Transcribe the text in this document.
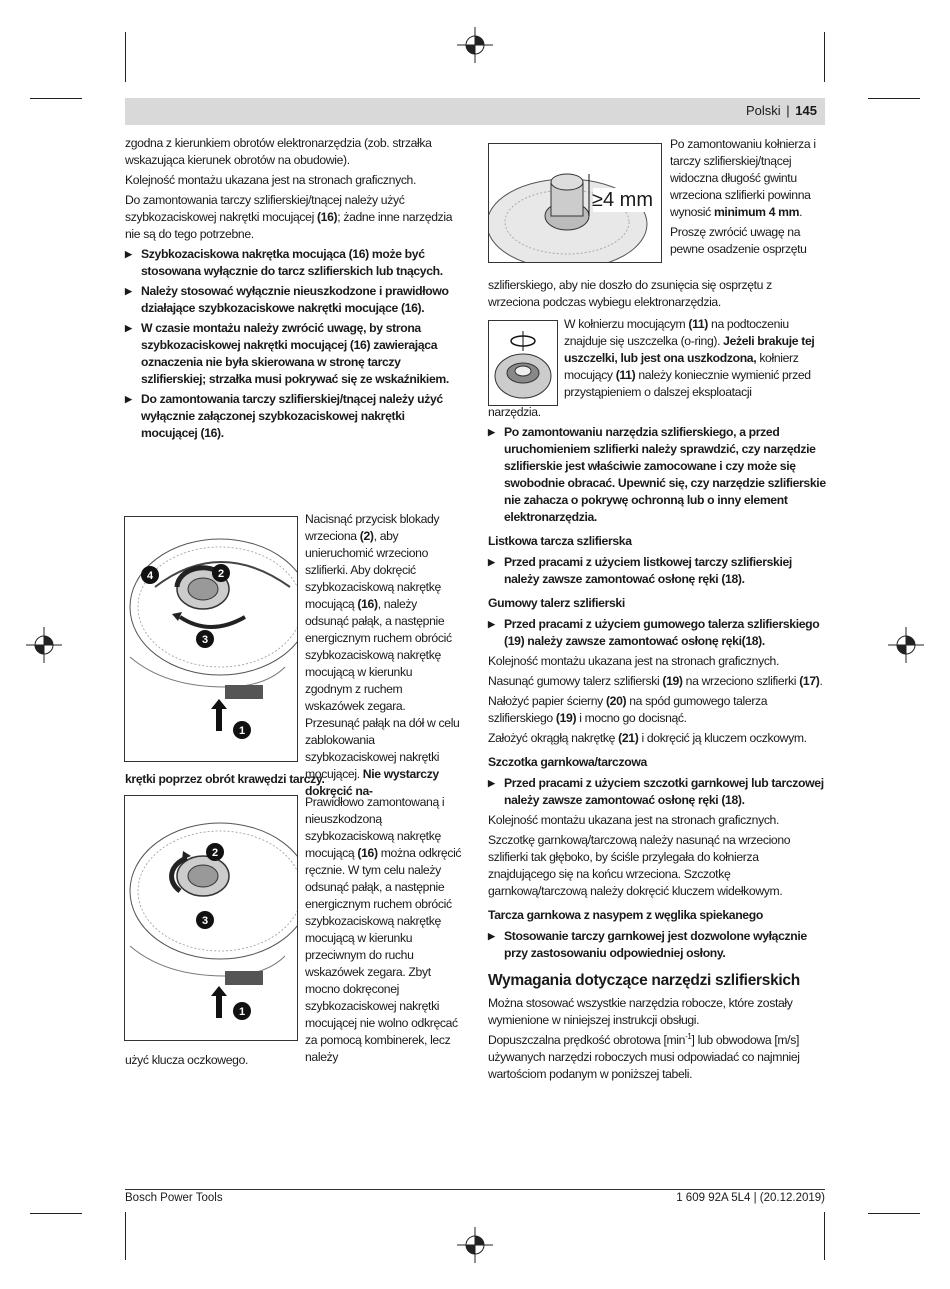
Polski | 145

zgodna z kierunkiem obrotów elektronarzędzia (zob. strzałka wskazująca kierunek obrotów na obudowie).

Kolejność montażu ukazana jest na stronach graficznych.

Do zamontowania tarczy szlifierskiej/tnącej należy użyć szybkozaciskowej nakrętki mocującej (16); żadne inne narzędzia nie są do tego potrzebne.

▶ Szybkozaciskowa nakrętka mocująca (16) może być stosowana wyłącznie do tarcz szlifierskich lub tnących.
▶ Należy stosować wyłącznie nieuszkodzone i prawidłowo działające szybkozaciskowe nakrętki mocujące (16).
▶ W czasie montażu należy zwrócić uwagę, by strona szybkozaciskowej nakrętki mocującej (16) zawierająca oznaczenia nie była skierowana w stronę tarczy szlifierskiej; strzałka musi pokrywać się ze wskaźnikiem.
▶ Do zamontowania tarczy szlifierskiej/tnącej należy użyć wyłącznie załączonej szybkozaciskowej nakrętki mocującej (16).
4	2
3
1
Nacisnąć przycisk blokady wrzeciona (2), aby unieruchomić wrzeciono szlifierki. Aby dokręcić szybkozaciskową nakrętkę mocującą (16), należy odsunąć pałąk, a następnie energicznym ruchem obrócić szybkozaciskową nakrętkę mocującą w kierunku zgodnym z ruchem wskazówek zegara. Przesunąć pałąk na dół w celu zablokowania szybkozaciskowej nakrętki mocującej. Nie wystarczy dokręcić na-
krętki poprzez obrót krawędzi tarczy.
2
3
1
Prawidłowo zamontowaną i nieuszkodzoną szybkozaciskową nakrętkę mocującą (16) można odkręcić ręcznie. W tym celu należy odsunąć pałąk, a następnie energicznym ruchem obrócić szybkozaciskową nakrętkę mocującą w kierunku przeciwnym do ruchu wskazówek zegara. Zbyt mocno dokręconej szybkozaciskowej nakrętki mocującej nie wolno odkręcać za pomocą kombinerek, lecz należy
użyć klucza oczkowego.
≥4 mm

Po zamontowaniu kołnierza i tarczy szlifierskiej/tnącej widoczna długość gwintu wrzeciona szlifierki powinna wynosić minimum 4 mm.

Proszę zwrócić uwagę na pewne osadzenie osprzętu

szlifierskiego, aby nie doszło do zsunięcia się osprzętu z wrzeciona podczas wybiegu elektronarzędzia.
W kołnierzu mocującym (11) na podtoczeniu znajduje się uszczelka (o-ring). Jeżeli brakuje tej uszczelki, lub jest ona uszkodzona, kołnierz mocujący (11) należy koniecznie wymienić przed przystąpieniem o dalszej eksploatacji

narzędzia.

▶ Po zamontowaniu narzędzia szlifierskiego, a przed uruchomieniem szlifierki należy sprawdzić, czy narzędzie szlifierskie jest właściwie zamocowane i czy może się swobodnie obracać. Upewnić się, czy narzędzie szlifierskie nie zahacza o pokrywę ochronną lub o inny element elektronarzędzia.
Listkowa tarcza szlifierska
▶ Przed pracami z użyciem listkowej tarczy szlifierskiej należy zawsze zamontować osłonę ręki (18).
Gumowy talerz szlifierski
▶ Przed pracami z użyciem gumowego talerza szlifierskiego (19) należy zawsze zamontować osłonę ręki(18).

Kolejność montażu ukazana jest na stronach graficznych.

Nasunąć gumowy talerz szlifierski (19) na wrzeciono szlifierki (17).

Nałożyć papier ścierny (20) na spód gumowego talerza szlifierskiego (19) i mocno go docisnąć.

Założyć okrągłą nakrętkę (21) i dokręcić ją kluczem oczkowym.

Szczotka garnkowa/tarczowa
▶ Przed pracami z użyciem szczotki garnkowej lub tarczowej należy zawsze zamontować osłonę ręki (18).

Kolejność montażu ukazana jest na stronach graficznych.

Szczotkę garnkową/tarczową należy nasunąć na wrzeciono szlifierki tak głęboko, by ściśle przylegała do kołnierza znajdującego się na końcu wrzeciona. Szczotkę garnkową/tarczową należy dokręcić kluczem widełkowym.

Tarcza garnkowa z nasypem z węglika spiekanego
▶ Stosowanie tarczy garnkowej jest dozwolone wyłącznie przy zastosowaniu odpowiedniej osłony.
Wymagania dotyczące narzędzi szlifierskich

Można stosować wszystkie narzędzia robocze, które zostały wymienione w niniejszej instrukcji obsługi.

Dopuszczalna prędkość obrotowa $[\min^{-1}]$ lub obwodowa [m/s] używanych narzędzi roboczych musi odpowiadać co najmniej wartościom podanym w poniższej tabeli.

Bosch Power Tools	1 609 92A 5L4 | (20.12.2019)
